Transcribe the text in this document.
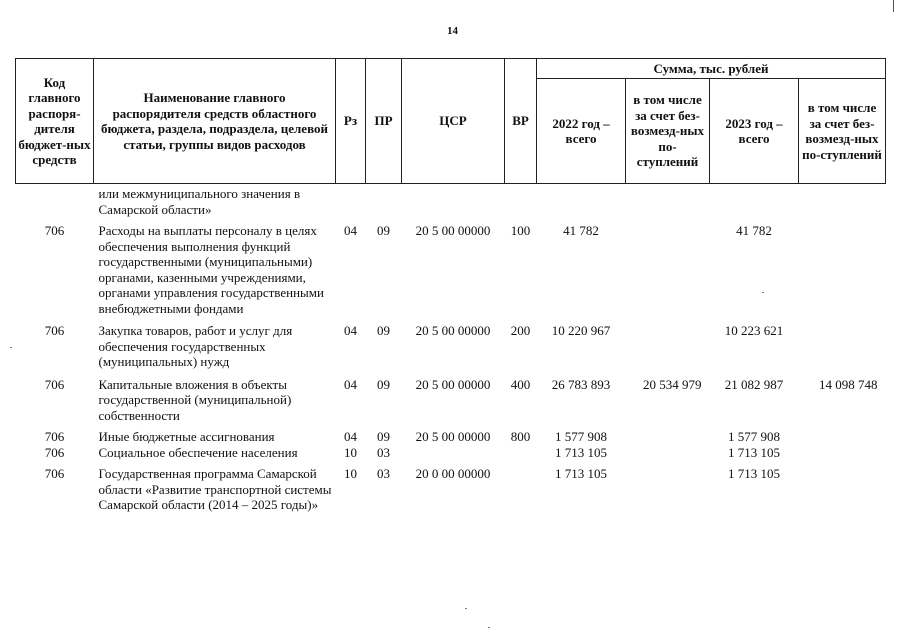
14
Код главного распоря-дителя бюджет-ных средств	Наименование главного распорядителя средств областного бюджета, раздела, подраздела, целевой статьи, группы видов расходов	Рз	ПР	ЦСР	ВР	Сумма, тыс. рублей			
						2022 год – всего	в том числе за счет без-возмезд-ных по-ступлений	2023 год – всего	в том числе за счет без-возмезд-ных по-ступлений
	или межмуниципального значения в Самарской области»								
706	Расходы на выплаты персоналу в целях обеспечения выполнения функций государственными (муниципальными) органами, казенными учреждениями, органами управления государственными внебюджетными фондами	04	09	20 5 00 00000	100	41 782		41 782	
706	Закупка товаров, работ и услуг для обеспечения государственных (муниципальных) нужд	04	09	20 5 00 00000	200	10 220 967		10 223 621	
706	Капитальные вложения в объекты государственной (муниципальной) собственности	04	09	20 5 00 00000	400	26 783 893	20 534 979	21 082 987	14 098 748
706	Иные бюджетные ассигнования	04	09	20 5 00 00000	800	1 577 908		1 577 908	
706	Социальное обеспечение населения	10	03			1 713 105		1 713 105	
706	Государственная программа Самарской области «Развитие транспортной системы Самарской области (2014 – 2025 годы)»	10	03	20 0 00 00000		1 713 105		1 713 105	
